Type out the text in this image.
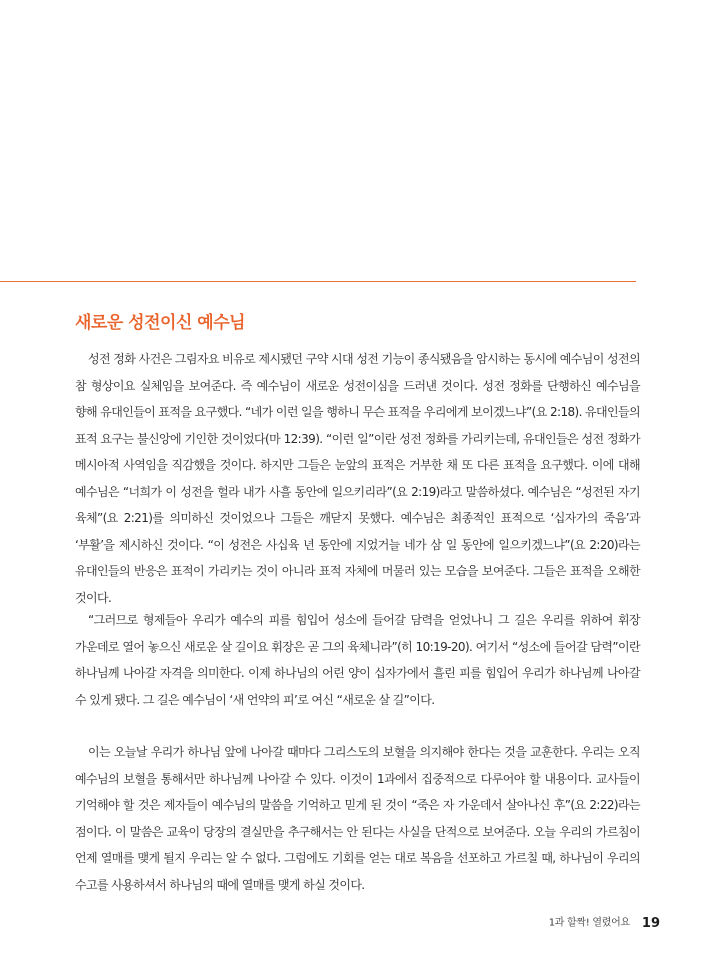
새로운 성전이신 예수님

성전 정화 사건은 그림자요 비유로 제시됐던 구약 시대 성전 기능이 종식됐음을 암시하는 동시에 예수님이 성전의 참 형상이요 실체임을 보여준다. 즉 예수님이 새로운 성전이심을 드러낸 것이다. 성전 정화를 단행하신 예수님을 향해 유대인들이 표적을 요구했다. “네가 이런 일을 행하니 무슨 표적을 우리에게 보이겠느냐”(요 2:18). 유대인들의 표적 요구는 불신앙에 기인한 것이었다(마 12:39). “이런 일”이란 성전 정화를 가리키는데, 유대인들은 성전 정화가 메시아적 사역임을 직감했을 것이다. 하지만 그들은 눈앞의 표적은 거부한 채 또 다른 표적을 요구했다. 이에 대해 예수님은 “너희가 이 성전을 헐라 내가 사흘 동안에 일으키리라”(요 2:19)라고 말씀하셨다. 예수님은 “성전된 자기 육체”(요 2:21)를 의미하신 것이었으나 그들은 깨닫지 못했다. 예수님은 최종적인 표적으로 ‘십자가의 죽음’과 ‘부활’을 제시하신 것이다. “이 성전은 사십육 년 동안에 지었거늘 네가 삼 일 동안에 일으키겠느냐”(요 2:20)라는 유대인들의 반응은 표적이 가리키는 것이 아니라 표적 자체에 머물러 있는 모습을 보여준다. 그들은 표적을 오해한 것이다.

“그러므로 형제들아 우리가 예수의 피를 힘입어 성소에 들어갈 담력을 얻었나니 그 길은 우리를 위하여 휘장 가운데로 열어 놓으신 새로운 살 길이요 휘장은 곧 그의 육체니라”(히 10:19-20). 여기서 “성소에 들어갈 담력”이란 하나님께 나아갈 자격을 의미한다. 이제 하나님의 어린 양이 십자가에서 흘린 피를 힘입어 우리가 하나님께 나아갈 수 있게 됐다. 그 길은 예수님이 ‘새 언약의 피’로 여신 “새로운 살 길”이다.

이는 오늘날 우리가 하나님 앞에 나아갈 때마다 그리스도의 보혈을 의지해야 한다는 것을 교훈한다. 우리는 오직 예수님의 보혈을 통해서만 하나님께 나아갈 수 있다. 이것이 1과에서 집중적으로 다루어야 할 내용이다. 교사들이 기억해야 할 것은 제자들이 예수님의 말씀을 기억하고 믿게 된 것이 “죽은 자 가운데서 살아나신 후”(요 2:22)라는 점이다. 이 말씀은 교육이 당장의 결실만을 추구해서는 안 된다는 사실을 단적으로 보여준다. 오늘 우리의 가르침이 언제 열매를 맺게 될지 우리는 알 수 없다. 그럼에도 기회를 얻는 대로 복음을 선포하고 가르칠 때, 하나님이 우리의 수고를 사용하셔서 하나님의 때에 열매를 맺게 하실 것이다.

1과 할짝! 열렸어요 19
